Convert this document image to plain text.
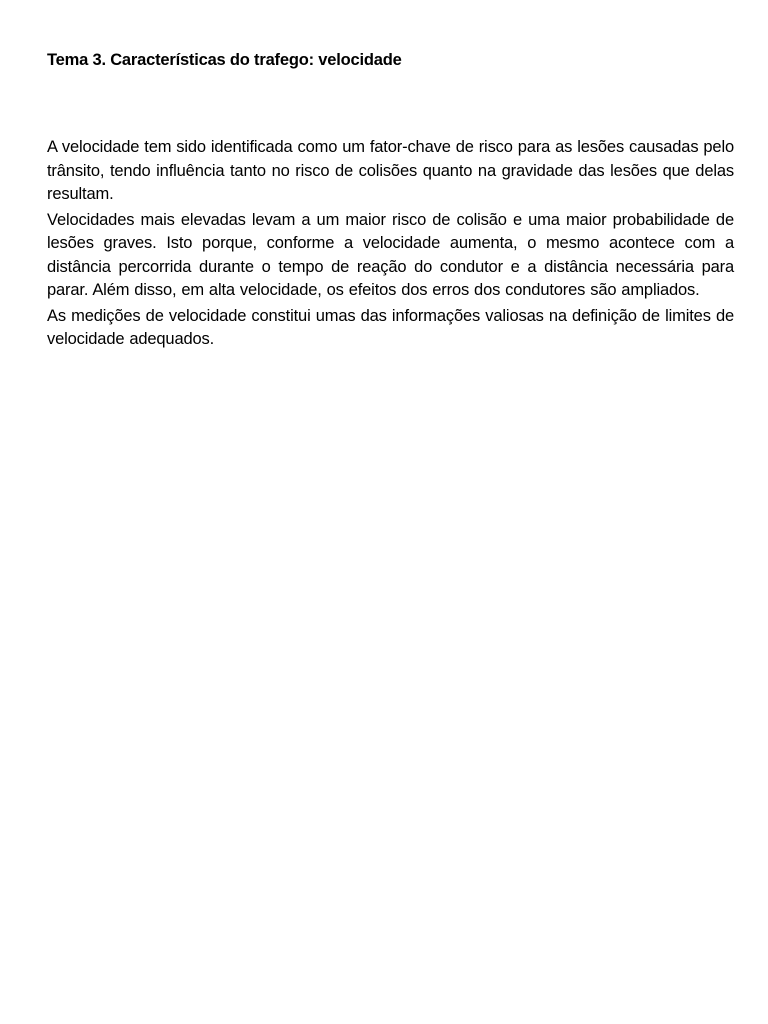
Tema 3. Características do trafego: velocidade

A velocidade tem sido identificada como um fator-chave de risco para as lesões causadas pelo trânsito, tendo influência tanto no risco de colisões quanto na gravidade das lesões que delas resultam.

Velocidades mais elevadas levam a um maior risco de colisão e uma maior probabilidade de lesões graves. Isto porque, conforme a velocidade aumenta, o mesmo acontece com a distância percorrida durante o tempo de reação do condutor e a distância necessária para parar. Além disso, em alta velocidade, os efeitos dos erros dos condutores são ampliados.

As medições de velocidade constitui umas das informações valiosas na definição de limites de velocidade adequados.
